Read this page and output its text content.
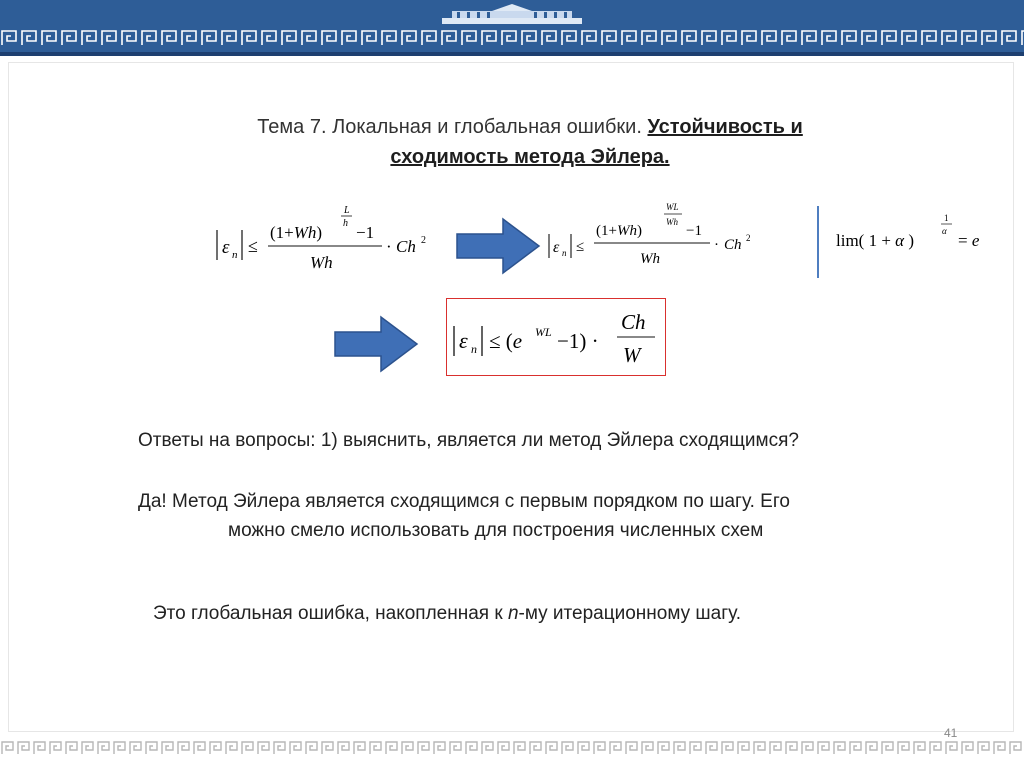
Тема 7. Локальная и глобальная ошибки. Устойчивость и
сходимость метода Эйлера.
ε n ≤
(1+Wh)
L
h −1
Wh
· Ch 2	ε n ≤
(1+Wh)
WL
Wh
−1
Wh
· Ch 2	lim( 1 + α )
1
α = e
ε n ≤ (e WL −1) ·
Ch
W
Ответы на вопросы: 1) выяснить, является ли метод Эйлера сходящимся?
Да! Метод Эйлера является сходящимся с первым порядком по шагу. Его
можно смело использовать для построения численных схем
Это глобальная ошибка, накопленная к n-му итерационному шагу.
41
